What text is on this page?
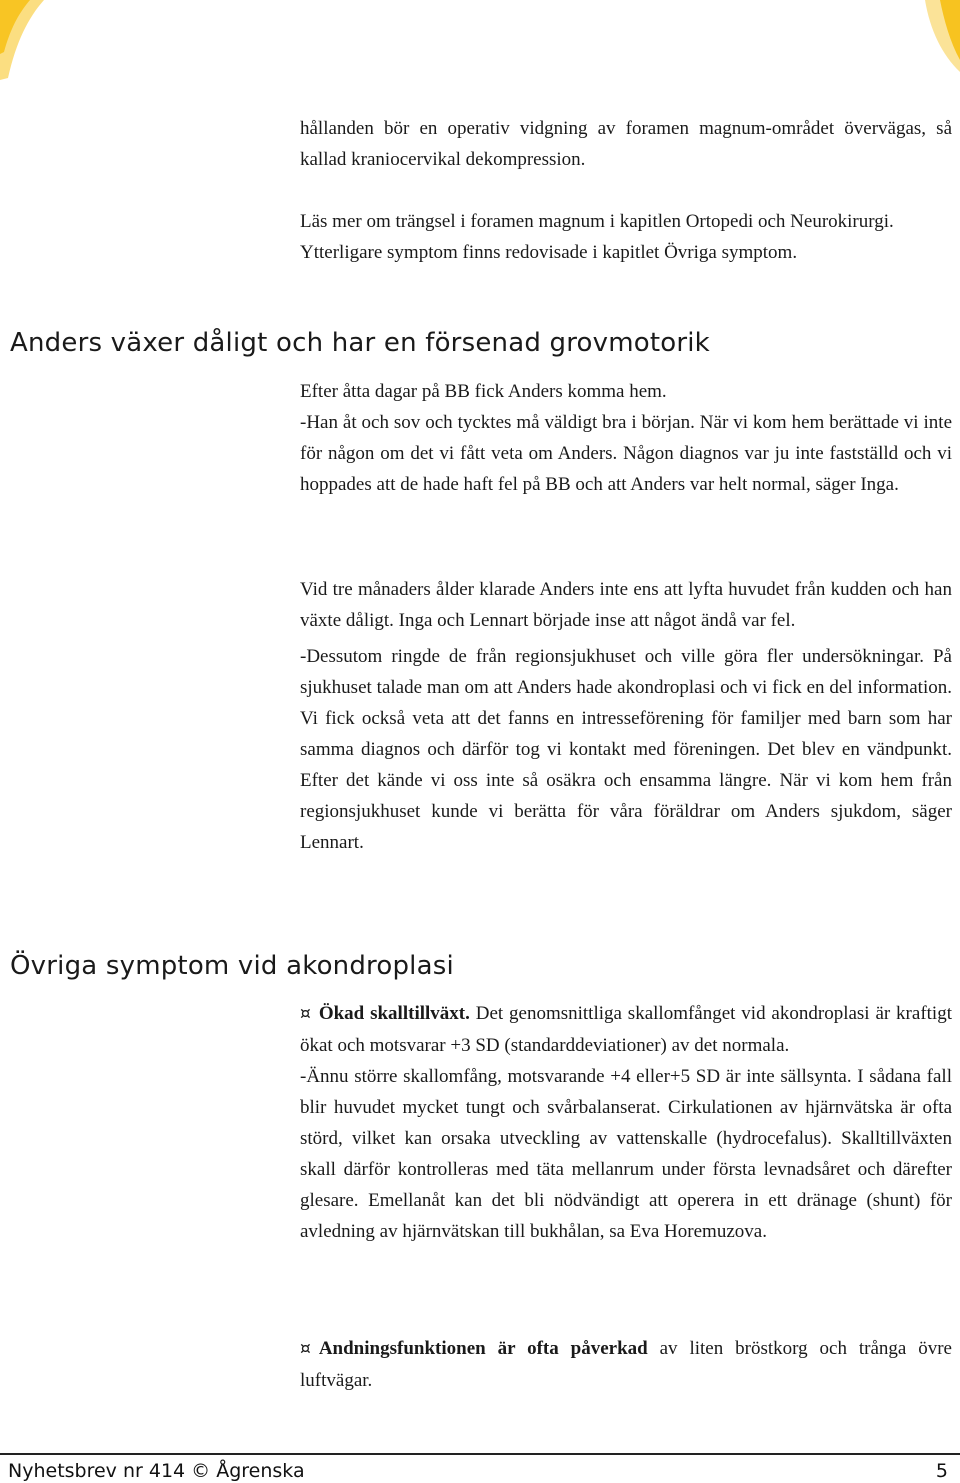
hållanden bör en operativ vidgning av foramen magnum-området övervägas, så kallad kraniocervikal dekompression.

Läs mer om trängsel i foramen magnum i kapitlen Ortopedi och Neurokirurgi.

Ytterligare symptom finns redovisade i kapitlet Övriga symptom.

Anders växer dåligt och har en försenad grovmotorik

Efter åtta dagar på BB fick Anders komma hem.

-Han åt och sov och tycktes må väldigt bra i början. När vi kom hem berättade vi inte för någon om det vi fått veta om Anders. Någon diagnos var ju inte fastställd och vi hoppades att de hade haft fel på BB och att Anders var helt normal, säger Inga.

Vid tre månaders ålder klarade Anders inte ens att lyfta huvudet från kudden och han växte dåligt. Inga och Lennart började inse att något ändå var fel.

-Dessutom ringde de från regionsjukhuset och ville göra fler undersökningar. På sjukhuset talade man om att Anders hade akondroplasi och vi fick en del information. Vi fick också veta att det fanns en intresseförening för familjer med barn som har samma diagnos och därför tog vi kontakt med föreningen. Det blev en vändpunkt. Efter det kände vi oss inte så osäkra och ensamma längre. När vi kom hem från regionsjukhuset kunde vi berätta för våra föräldrar om Anders sjukdom, säger Lennart.

Övriga symptom vid akondroplasi

¤ Ökad skalltillväxt. Det genomsnittliga skallomfånget vid akondroplasi är kraftigt ökat och motsvarar +3 SD (standarddeviationer) av det normala.

-Ännu större skallomfång, motsvarande +4 eller+5 SD är inte sällsynta. I sådana fall blir huvudet mycket tungt och svårbalanserat. Cirkulationen av hjärnvätska är ofta störd, vilket kan orsaka utveckling av vattenskalle (hydrocefalus). Skalltillväxten skall därför kontrolleras med täta mellanrum under första levnadsåret och därefter glesare. Emellanåt kan det bli nödvändigt att operera in ett dränage (shunt) för avledning av hjärnvätskan till bukhålan, sa Eva Horemuzova.

¤ Andningsfunktionen är ofta påverkad av liten bröstkorg och trånga övre luftvägar.

Nyhetsbrev nr 414 © Ågrenska	5
